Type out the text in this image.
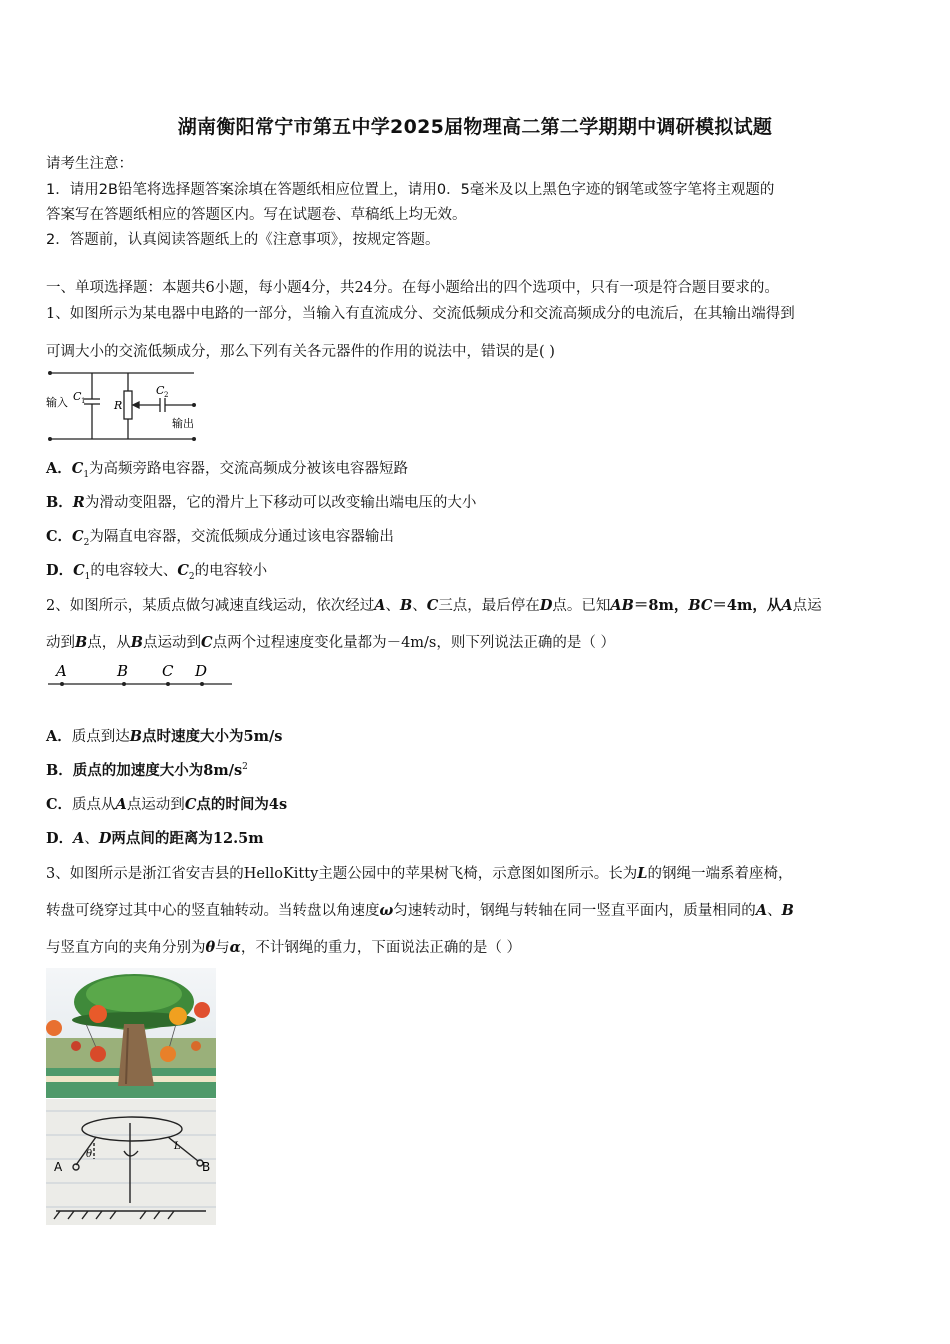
湖南衡阳常宁市第五中学2025届物理高二第二学期期中调研模拟试题
请考生注意：
1．请用2B铅笔将选择题答案涂填在答题纸相应位置上，请用0．5毫米及以上黑色字迹的钢笔或签字笔将主观题的
答案写在答题纸相应的答题区内。写在试题卷、草稿纸上均无效。
2．答题前，认真阅读答题纸上的《注意事项》，按规定答题。
一、单项选择题：本题共6小题，每小题4分，共24分。在每小题给出的四个选项中，只有一项是符合题目要求的。
1、如图所示为某电器中电路的一部分，当输入有直流成分、交流低频成分和交流高频成分的电流后，在其输出端得到
可调大小的交流低频成分，那么下列有关各元器件的作用的说法中，错误的是( )
输入 C 1	R
C 2
输出
A．$C_1$为高频旁路电容器，交流高频成分被该电容器短路
B．R为滑动变阻器，它的滑片上下移动可以改变输出端电压的大小
C．$C_2$为隔直电容器，交流低频成分通过该电容器输出
D．$C_1$的电容较大、$C_2$的电容较小
2、如图所示，某质点做匀减速直线运动，依次经过A、B、C三点，最后停在D点。已知AB＝8m，BC＝4m，从A点运
动到B点，从B点运动到C点两个过程速度变化量都为－4m/s，则下列说法正确的是（ ）
A	B C D
A．质点到达B点时速度大小为5m/s
B．质点的加速度大小为$8m/s^2$
C．质点从A点运动到C点的时间为4s
D．A、D两点间的距离为12.5m
3、如图所示是浙江省安吉县的HelloKitty主题公园中的苹果树飞椅，示意图如图所示。长为L的钢绳一端系着座椅，
转盘可绕穿过其中心的竖直轴转动。当转盘以角速度ω匀速转动时，钢绳与转轴在同一竖直平面内，质量相同的A、B
与竖直方向的夹角分别为θ与α，不计钢绳的重力，下面说法正确的是（ ）
A	B
θ
L
